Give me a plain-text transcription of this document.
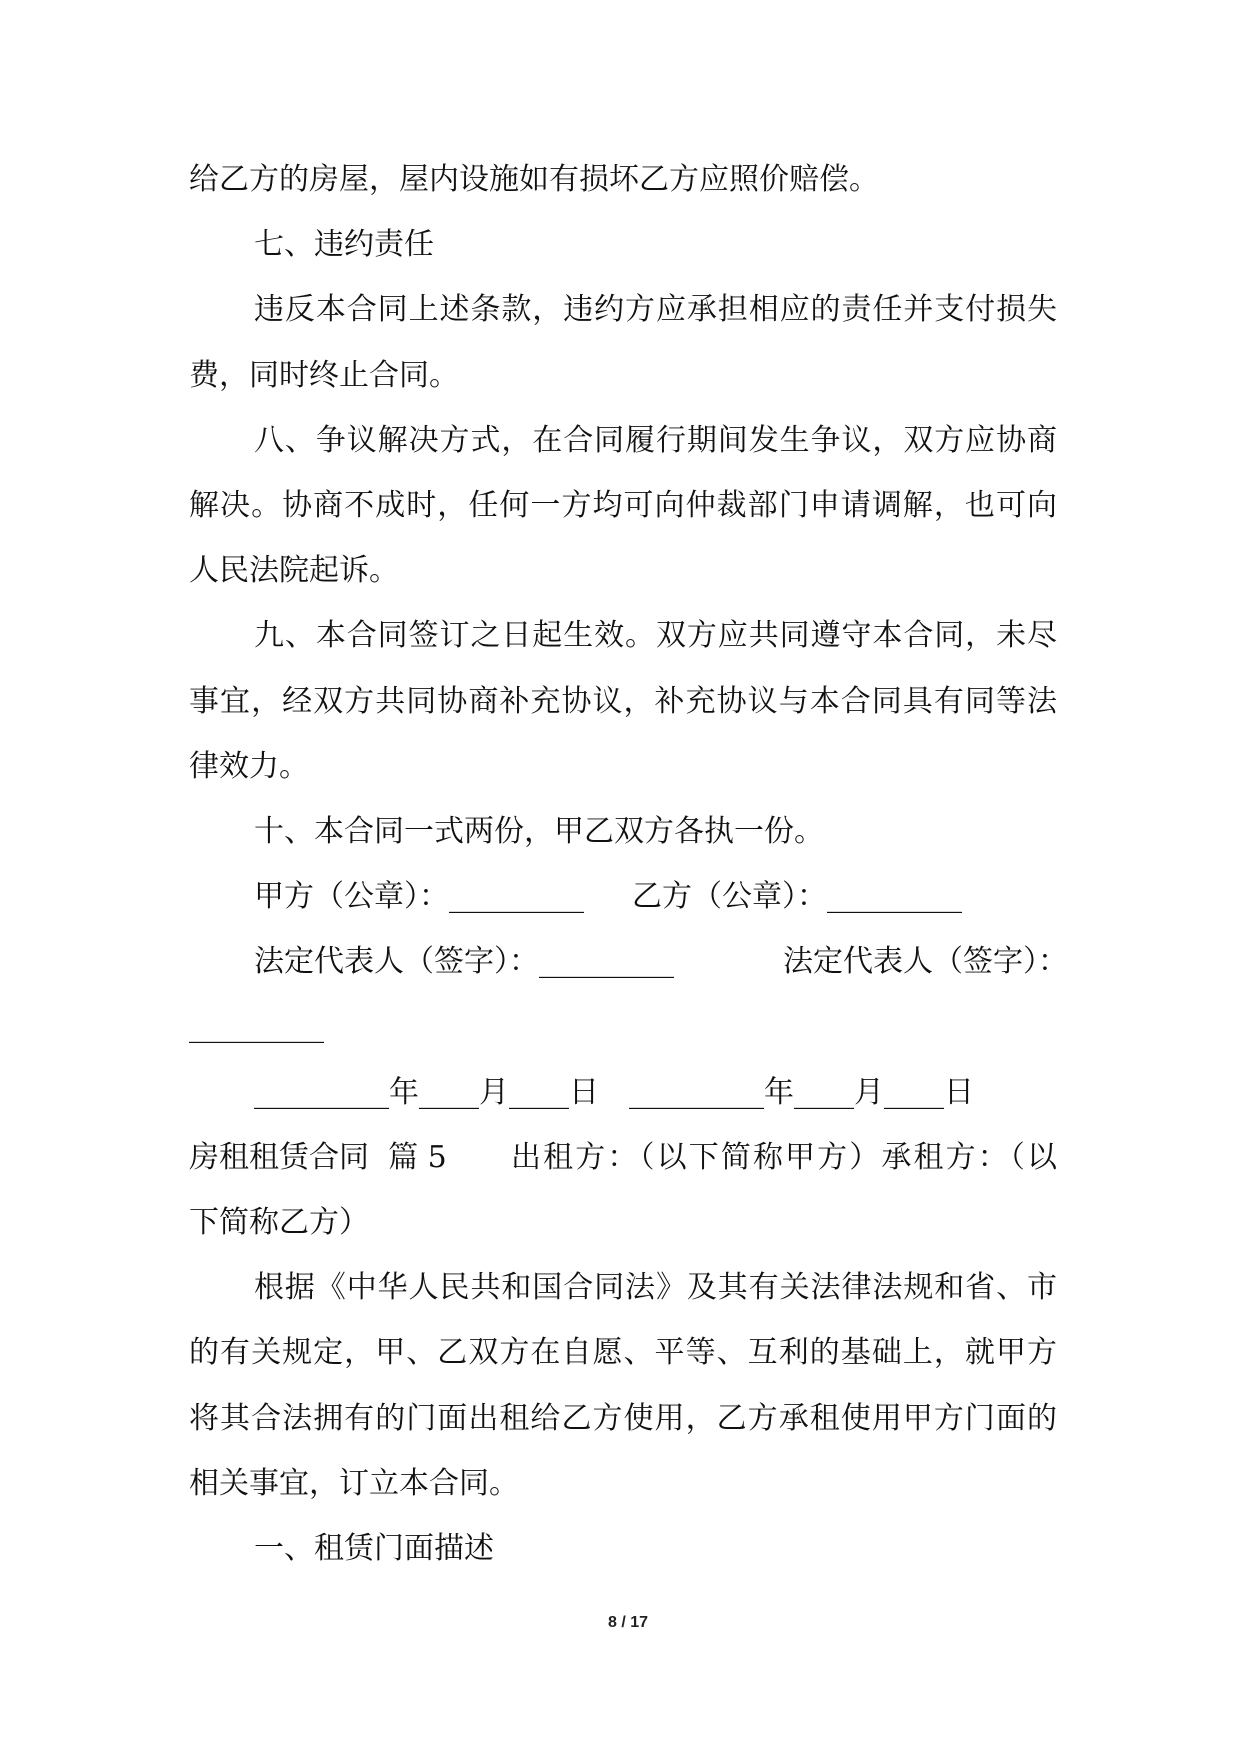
给乙方的房屋，屋内设施如有损坏乙方应照价赔偿。
七、违约责任
违反本合同上述条款，违约方应承担相应的责任并支付损失
费，同时终止合同。
八、争议解决方式，在合同履行期间发生争议，双方应协商
解决。协商不成时，任何一方均可向仲裁部门申请调解，也可向
人民法院起诉。
九、本合同签订之日起生效。双方应共同遵守本合同，未尽
事宜，经双方共同协商补充协议，补充协议与本合同具有同等法
律效力。
十、本合同一式两份，甲乙双方各执一份。
甲方（公章）：_________ 乙方（公章）：_________
法定代表人（签字）：_________	法定代表人（签字）：
_________
_________年____月____日 _________年____月____日
房租租赁合同  篇 5 出租方：（以下简称甲方）承租方：（以
下简称乙方）
根据《中华人民共和国合同法》及其有关法律法规和省、市
的有关规定，甲、乙双方在自愿、平等、互利的基础上，就甲方
将其合法拥有的门面出租给乙方使用，乙方承租使用甲方门面的
相关事宜，订立本合同。
一、租赁门面描述
8 / 17
